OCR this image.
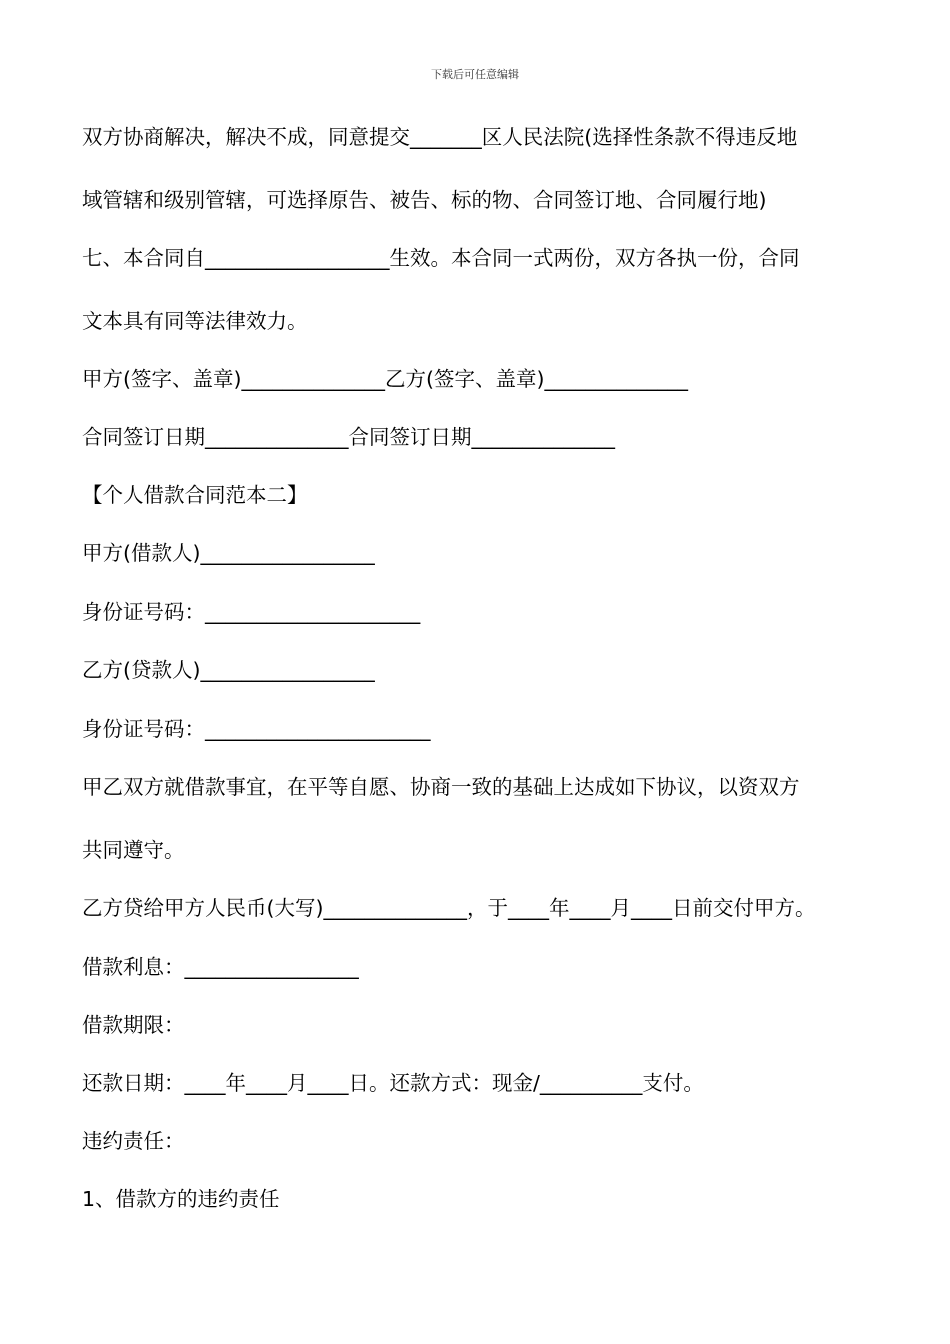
下载后可任意编辑
双方协商解决，解决不成，同意提交_______区人民法院(选择性条款不得违反地
域管辖和级别管辖，可选择原告、被告、标的物、合同签订地、合同履行地)
七、本合同自__________________生效。本合同一式两份，双方各执一份，合同
文本具有同等法律效力。
甲方(签字、盖章)______________乙方(签字、盖章)______________
合同签订日期______________合同签订日期______________
【个人借款合同范本二】
甲方(借款人)_________________
身份证号码：_____________________
乙方(贷款人)_________________
身份证号码：______________________
甲乙双方就借款事宜，在平等自愿、协商一致的基础上达成如下协议，以资双方
共同遵守。
乙方贷给甲方人民币(大写)______________，于____年____月____日前交付甲方。
借款利息：_________________
借款期限：
还款日期：____年____月____日。还款方式：现金/__________支付。
违约责任：
1、借款方的违约责任
